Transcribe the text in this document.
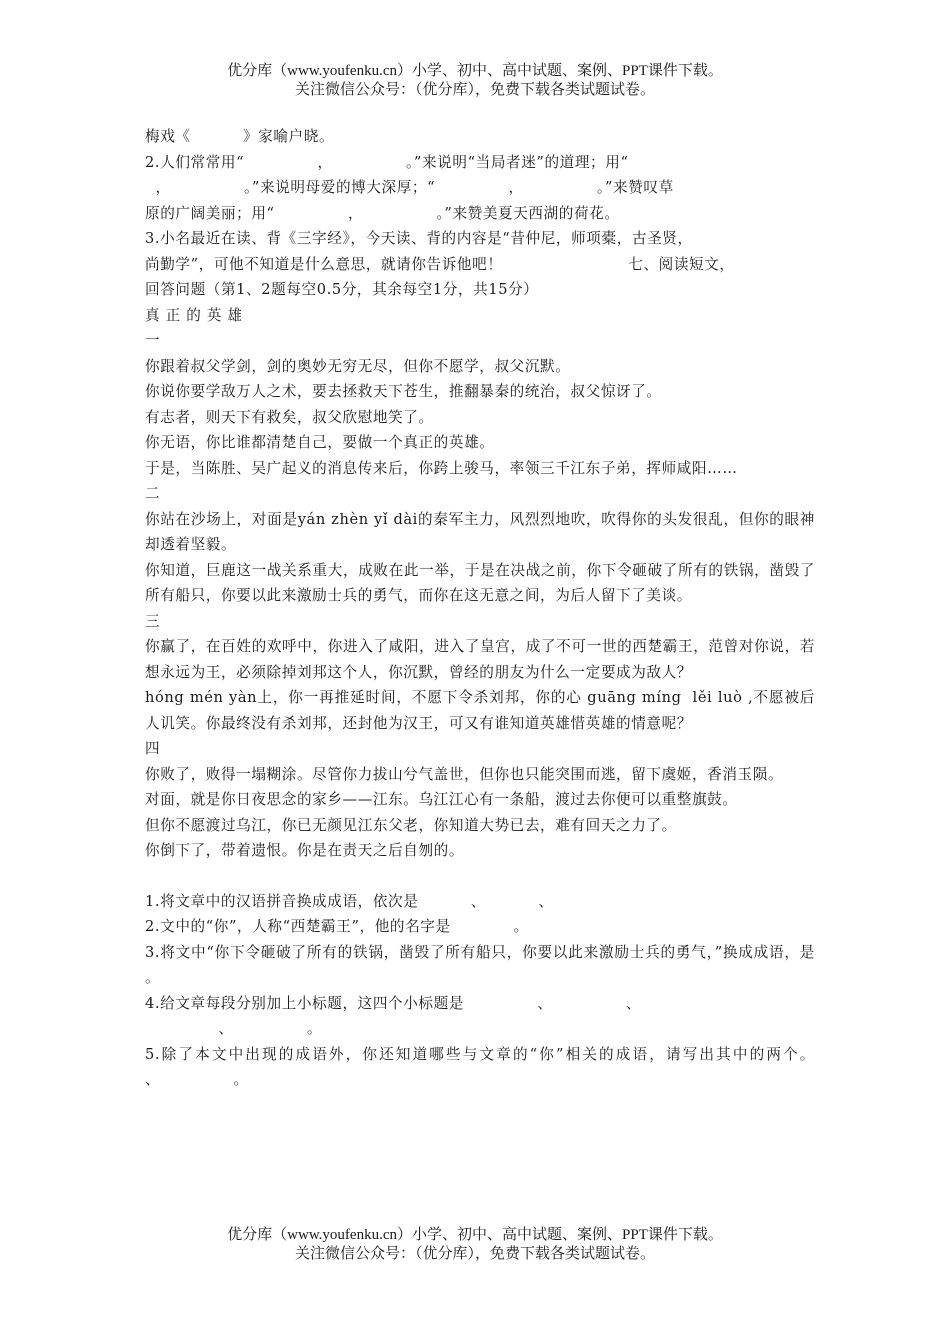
优分库（www.youfenku.cn）小学、初中、高中试题、案例、PPT课件下载。
关注微信公众号：（优分库），免费下载各类试题试卷。

梅戏《          》家喻户晓。

2.人们常常用“              ，              。”来说明“当局者迷”的道理；用“

，              。”来说明母爱的博大深厚；“              ，              。”来赞叹草

原的广阔美丽；用“              ，              。”来赞美夏天西湖的荷花。

3.小名最近在读、背《三字经》，今天读、背的内容是“昔仲尼，师项橐，古圣贤，

尚勤学”，可他不知道是什么意思，就请你告诉他吧！                        七、阅读短文，

回答问题（第1、2题每空0.5分，其余每空1分，共15分）

真正的英雄

一

你跟着叔父学剑，剑的奥妙无穷无尽，但你不愿学，叔父沉默。

你说你要学敌万人之术，要去拯救天下苍生，推翻暴秦的统治，叔父惊讶了。

有志者，则天下有救矣，叔父欣慰地笑了。

你无语，你比谁都清楚自己，要做一个真正的英雄。

于是，当陈胜、吴广起义的消息传来后，你跨上骏马，率领三千江东子弟，挥师咸阳……

二

你站在沙场上，对面是yán zhèn yǐ dài的秦军主力，风烈烈地吹，吹得你的头发很乱，但你的眼神却透着坚毅。

你知道，巨鹿这一战关系重大，成败在此一举，于是在决战之前，你下令砸破了所有的铁锅，凿毁了所有船只，你要以此来激励士兵的勇气，而你在这无意之间，为后人留下了美谈。

三

你赢了，在百姓的欢呼中，你进入了咸阳，进入了皇宫，成了不可一世的西楚霸王，范曾对你说，若想永远为王，必须除掉刘邦这个人，你沉默，曾经的朋友为什么一定要成为敌人？

hóng mén yàn上，你一再推延时间，不愿下令杀刘邦，你的心 guāng míng  lěi luò ,不愿被后人讥笑。你最终没有杀刘邦，还封他为汉王，可又有谁知道英雄惜英雄的情意呢？

四

你败了，败得一塌糊涂。尽管你力拔山兮气盖世，但你也只能突围而逃，留下虞姬，香消玉陨。

对面，就是你日夜思念的家乡——江东。乌江江心有一条船，渡过去你便可以重整旗鼓。

但你不愿渡过乌江，你已无颜见江东父老，你知道大势已去，难有回天之力了。

你倒下了，带着遗恨。你是在责天之后自刎的。

1.将文章中的汉语拼音换成成语，依次是          、          、

2.文中的“你”，人称“西楚霸王”，他的名字是            。

3.将文中“你下令砸破了所有的铁锅，凿毁了所有船只，你要以此来激励士兵的勇气，”换成成语，是            。

4.给文章每段分别加上小标题，这四个小标题是              、              、

、              。

5.除了本文中出现的成语外，你还知道哪些与文章的“你”相关的成语，请写出其中的两个。              、              。

优分库（www.youfenku.cn）小学、初中、高中试题、案例、PPT课件下载。
关注微信公众号：（优分库），免费下载各类试题试卷。
